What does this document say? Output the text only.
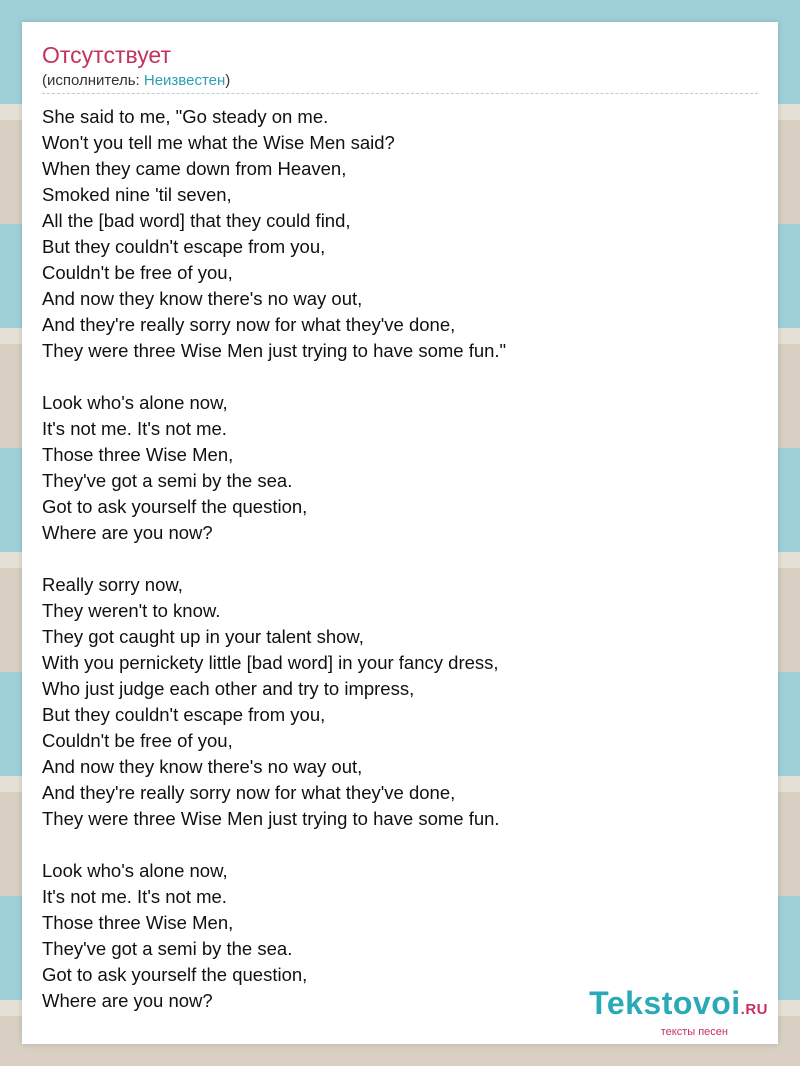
Отсутствует
(исполнитель: Неизвестен)
She said to me, "Go steady on me.
Won't you tell me what the Wise Men said?
When they came down from Heaven,
Smoked nine 'til seven,
All the [bad word] that they could find,
But they couldn't escape from you,
Couldn't be free of you,
And now they know there's no way out,
And they're really sorry now for what they've done,
They were three Wise Men just trying to have some fun."
Look who's alone now,
It's not me. It's not me.
Those three Wise Men,
They've got a semi by the sea.
Got to ask yourself the question,
Where are you now?
Really sorry now,
They weren't to know.
They got caught up in your talent show,
With you pernickety little [bad word] in your fancy dress,
Who just judge each other and try to impress,
But they couldn't escape from you,
Couldn't be free of you,
And now they know there's no way out,
And they're really sorry now for what they've done,
They were three Wise Men just trying to have some fun.
Look who's alone now,
It's not me. It's not me.
Those three Wise Men,
They've got a semi by the sea.
Got to ask yourself the question,
Where are you now?	Tekstovoi.RU
тексты песен
